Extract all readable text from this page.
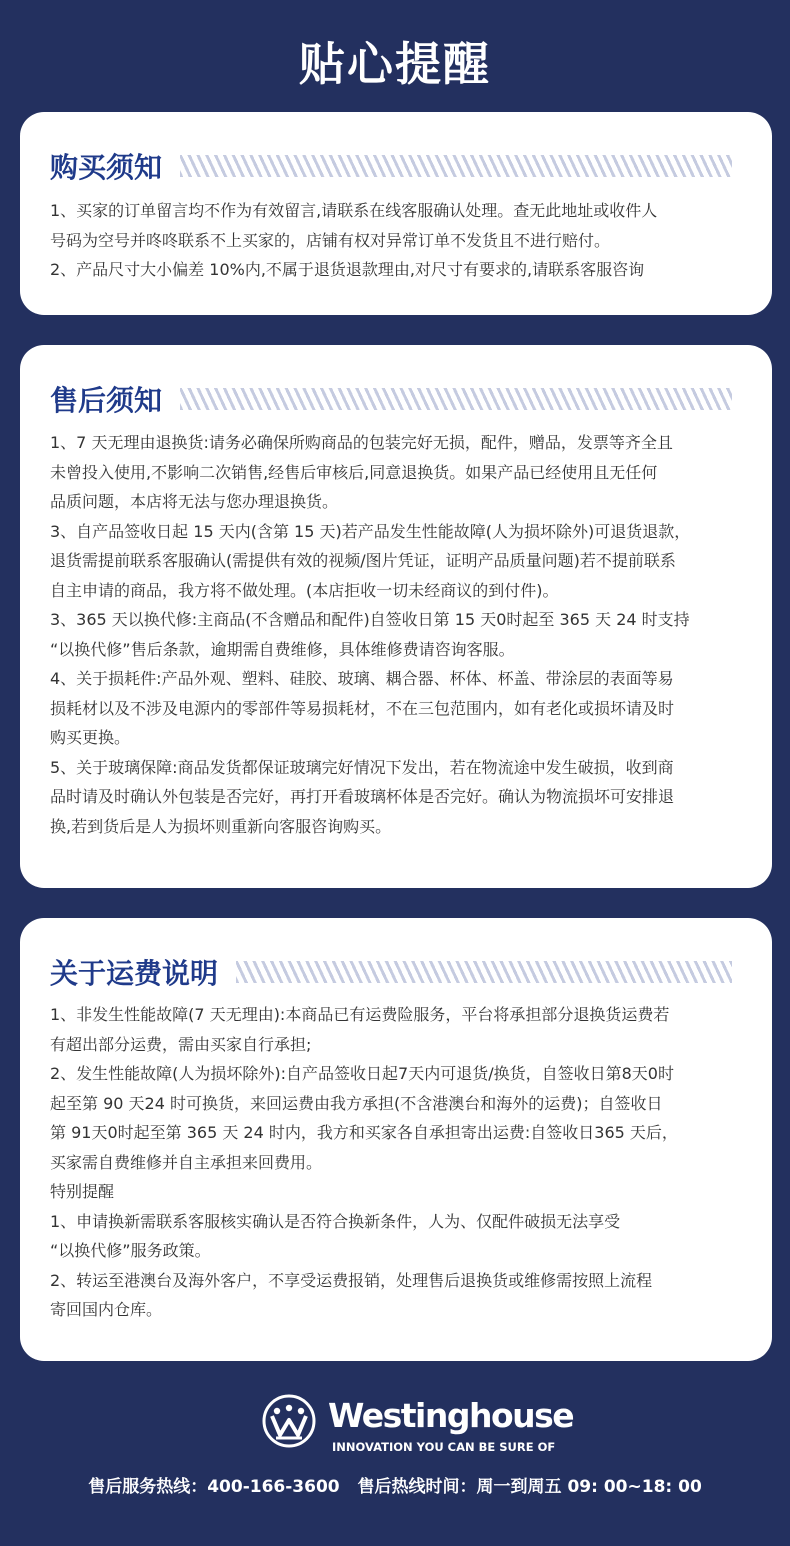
贴心提醒
购买须知

1、买家的订单留言均不作为有效留言,请联系在线客服确认处理。查无此地址或收件人

号码为空号并咚咚联系不上买家的，店铺有权对异常订单不发货且不进行赔付。

2、产品尺寸大小偏差 10%内,不属于退货退款理由,对尺寸有要求的,请联系客服咨询

售后须知

1、7 天无理由退换货:请务必确保所购商品的包装完好无损，配件，赠品，发票等齐全且

未曾投入使用,不影响二次销售,经售后审核后,同意退换货。如果产品已经使用且无任何

品质问题，本店将无法与您办理退换货。

3、自产品签收日起 15 天内(含第 15 天)若产品发生性能故障(人为损坏除外)可退货退款，

退货需提前联系客服确认(需提供有效的视频/图片凭证，证明产品质量问题)若不提前联系

自主申请的商品，我方将不做处理。(本店拒收一切未经商议的到付件)。

3、365 天以换代修:主商品(不含赠品和配件)自签收日第 15 天0时起至 365 天 24 时支持

“以换代修”售后条款，逾期需自费维修，具体维修费请咨询客服。

4、关于损耗件:产品外观、塑料、硅胶、玻璃、耦合器、杯体、杯盖、带涂层的表面等易

损耗材以及不涉及电源内的零部件等易损耗材，不在三包范围内，如有老化或损坏请及时

购买更换。

5、关于玻璃保障:商品发货都保证玻璃完好情况下发出，若在物流途中发生破损，收到商

品时请及时确认外包装是否完好，再打开看玻璃杯体是否完好。确认为物流损坏可安排退

换,若到货后是人为损坏则重新向客服咨询购买。

关于运费说明

1、非发生性能故障(7 天无理由):本商品已有运费险服务，平台将承担部分退换货运费若

有超出部分运费，需由买家自行承担;

2、发生性能故障(人为损坏除外):自产品签收日起7天内可退货/换货，自签收日第8天0时

起至第 90 天24 时可换货，来回运费由我方承担(不含港澳台和海外的运费)；自签收日

第 91天0时起至第 365 天 24 时内，我方和买家各自承担寄出运费:自签收日365 天后，

买家需自费维修并自主承担来回费用。

特别提醒

1、申请换新需联系客服核实确认是否符合换新条件，人为、仅配件破损无法享受

“以换代修”服务政策。

2、转运至港澳台及海外客户，不享受运费报销，处理售后退换货或维修需按照上流程

寄回国内仓库。

Westinghouse
INNOVATION YOU CAN BE SURE OF
售后服务热线：400-166-3600 售后热线时间：周一到周五 09: 00~18: 00
